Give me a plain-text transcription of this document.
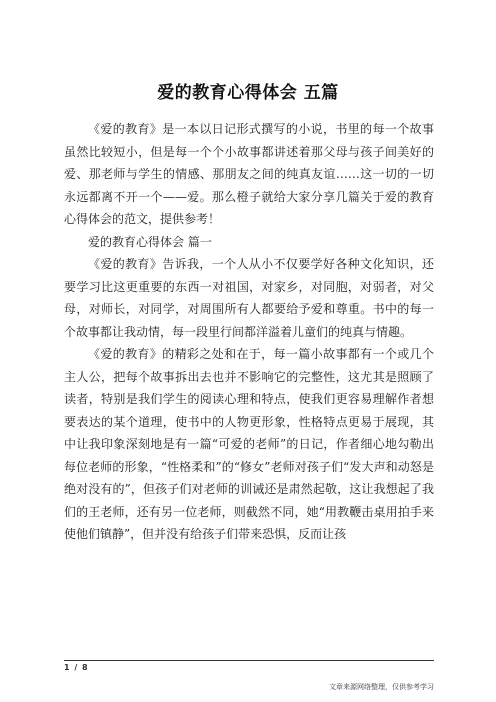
爱的教育心得体会 五篇

《爱的教育》是一本以日记形式撰写的小说，书里的每一个故事虽然比较短小，但是每一个个小故事都讲述着那父母与孩子间美好的爱、那老师与学生的情感、那朋友之间的纯真友谊……这一切的一切永远都离不开一个——爱。那么橙子就给大家分享几篇关于爱的教育心得体会的范文，提供参考！

爱的教育心得体会 篇一

《爱的教育》告诉我，一个人从小不仅要学好各种文化知识，还要学习比这更重要的东西一对祖国，对家乡，对同胞，对弱者，对父母，对师长，对同学，对周围所有人都要给予爱和尊重。书中的每一个故事都让我动情，每一段里行间都洋溢着儿童们的纯真与情趣。

《爱的教育》的精彩之处和在于，每一篇小故事都有一个或几个主人公，把每个故事拆出去也并不影响它的完整性，这尤其是照顾了读者，特别是我们学生的阅读心理和特点，使我们更容易理解作者想要表达的某个道理，使书中的人物更形象，性格特点更易于展现，其中让我印象深刻地是有一篇“可爱的老师”的日记，作者细心地勾勒出每位老师的形象，“性格柔和”的“修女”老师对孩子们“发大声和动怒是绝对没有的”，但孩子们对老师的训诫还是肃然起敬，这让我想起了我们的王老师，还有另一位老师，则截然不同，她“用教鞭击桌用拍手来使他们镇静”，但并没有给孩子们带来恐惧，反而让孩

1 / 8
文章来源网络整理，仅供参考学习
